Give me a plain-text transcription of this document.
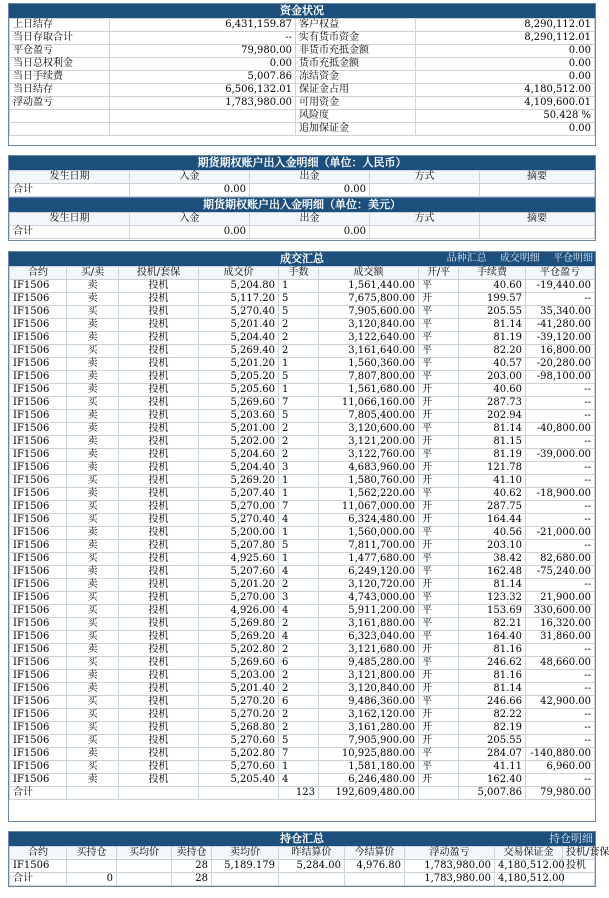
资金状况
上日结存	6,431,159.87	客户权益	8,290,112.01
当日存取合计	--	实有货币资金	8,290,112.01
平仓盈亏	79,980.00	非货币充抵金额	0.00
当日总权利金	0.00	货币充抵金额	0.00
当日手续费	5,007.86	冻结资金	0.00
当日结存	6,506,132.01	保证金占用	4,180,512.00
浮动盈亏	1,783,980.00	可用资金	4,109,600.01
		风险度	50.428 %
		追加保证金	0.00
期货期权账户出入金明细（单位：人民币）
发生日期	入金	出金	方式	摘要
合计	0.00	0.00		
期货期权账户出入金明细（单位：美元）
发生日期	入金	出金	方式	摘要
合计	0.00	0.00		
成交汇总	品种汇总 成交明细 平仓明细
合约	买/卖	投机/套保	成交价	手数	成交额	开/平	手续费	平仓盈亏
IF1506	卖	投机	5,204.80	1	1,561,440.00	平	40.60	-19,440.00
IF1506	卖	投机	5,117.20	5	7,675,800.00	开	199.57	--
IF1506	买	投机	5,270.40	5	7,905,600.00	平	205.55	35,340.00
IF1506	卖	投机	5,201.40	2	3,120,840.00	平	81.14	-41,280.00
IF1506	卖	投机	5,204.40	2	3,122,640.00	平	81.19	-39,120.00
IF1506	买	投机	5,269.40	2	3,161,640.00	平	82.20	16,800.00
IF1506	卖	投机	5,201.20	1	1,560,360.00	平	40.57	-20,280.00
IF1506	卖	投机	5,205.20	5	7,807,800.00	平	203.00	-98,100.00
IF1506	卖	投机	5,205.60	1	1,561,680.00	开	40.60	--
IF1506	买	投机	5,269.60	7	11,066,160.00	开	287.73	--
IF1506	卖	投机	5,203.60	5	7,805,400.00	开	202.94	--
IF1506	卖	投机	5,201.00	2	3,120,600.00	平	81.14	-40,800.00
IF1506	卖	投机	5,202.00	2	3,121,200.00	开	81.15	--
IF1506	卖	投机	5,204.60	2	3,122,760.00	平	81.19	-39,000.00
IF1506	卖	投机	5,204.40	3	4,683,960.00	开	121.78	--
IF1506	买	投机	5,269.20	1	1,580,760.00	开	41.10	--
IF1506	卖	投机	5,207.40	1	1,562,220.00	平	40.62	-18,900.00
IF1506	买	投机	5,270.00	7	11,067,000.00	开	287.75	--
IF1506	买	投机	5,270.40	4	6,324,480.00	开	164.44	--
IF1506	卖	投机	5,200.00	1	1,560,000.00	平	40.56	-21,000.00
IF1506	卖	投机	5,207.80	5	7,811,700.00	开	203.10	--
IF1506	买	投机	4,925.60	1	1,477,680.00	平	38.42	82,680.00
IF1506	卖	投机	5,207.60	4	6,249,120.00	平	162.48	-75,240.00
IF1506	卖	投机	5,201.20	2	3,120,720.00	开	81.14	--
IF1506	买	投机	5,270.00	3	4,743,000.00	平	123.32	21,900.00
IF1506	买	投机	4,926.00	4	5,911,200.00	平	153.69	330,600.00
IF1506	买	投机	5,269.80	2	3,161,880.00	平	82.21	16,320.00
IF1506	买	投机	5,269.20	4	6,323,040.00	平	164.40	31,860.00
IF1506	卖	投机	5,202.80	2	3,121,680.00	开	81.16	--
IF1506	买	投机	5,269.60	6	9,485,280.00	平	246.62	48,660.00
IF1506	卖	投机	5,203.00	2	3,121,800.00	开	81.16	--
IF1506	卖	投机	5,201.40	2	3,120,840.00	开	81.14	--
IF1506	买	投机	5,270.20	6	9,486,360.00	平	246.66	42,900.00
IF1506	买	投机	5,270.20	2	3,162,120.00	开	82.22	--
IF1506	买	投机	5,268.80	2	3,161,280.00	开	82.19	--
IF1506	买	投机	5,270.60	5	7,905,900.00	开	205.55	--
IF1506	卖	投机	5,202.80	7	10,925,880.00	平	284.07	-140,880.00
IF1506	买	投机	5,270.60	1	1,581,180.00	平	41.11	6,960.00
IF1506	卖	投机	5,205.40	4	6,246,480.00	开	162.40	--
合计				123	192,609,480.00		5,007.86	79,980.00
持仓汇总	持仓明细
合约	买持仓	买均价	卖持仓	卖均价	昨结算价	今结算价	浮动盈亏	交易保证金	投机/套保
IF1506			28	5,189.179	5,284.00	4,976.80	1,783,980.00	4,180,512.00	投机
合计	0		28				1,783,980.00	4,180,512.00	
